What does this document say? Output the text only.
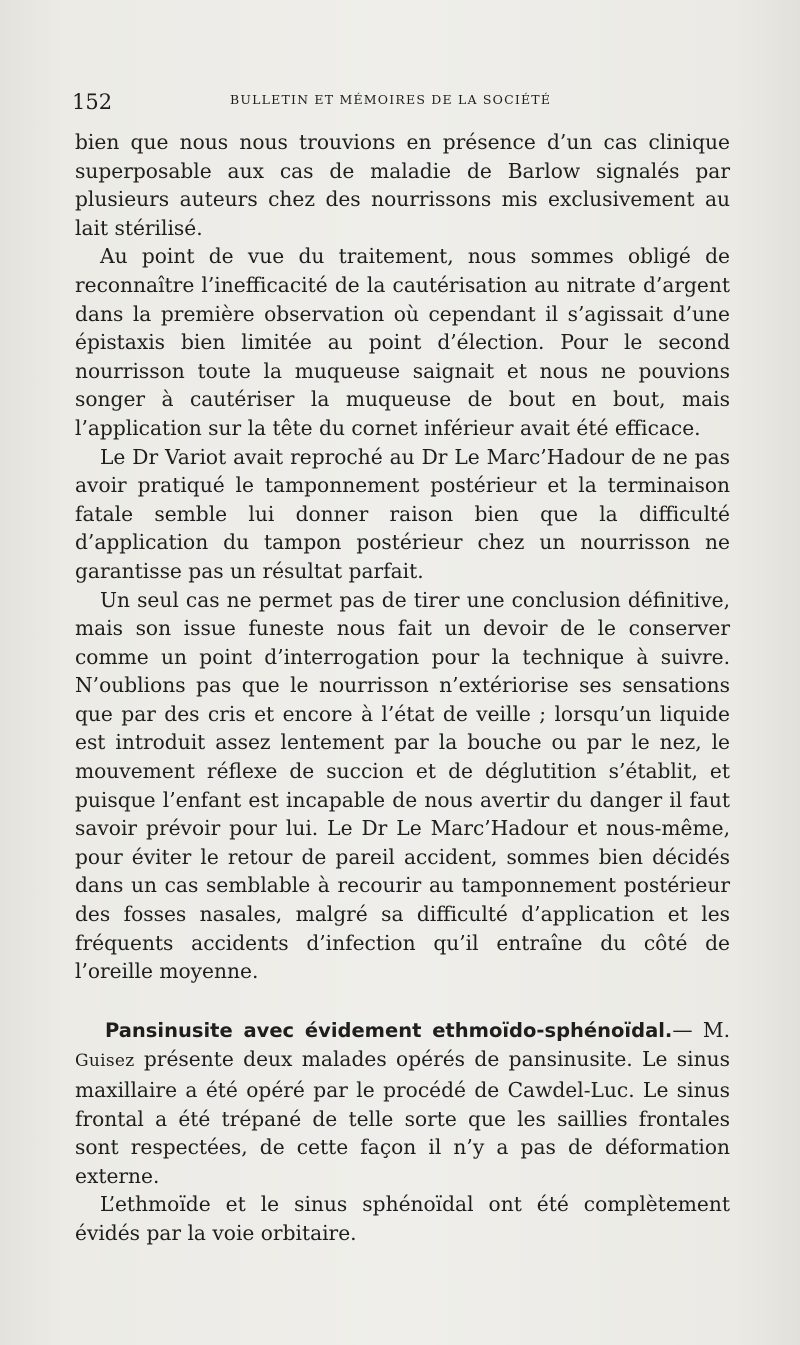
152	BULLETIN ET MÉMOIRES DE LA SOCIÉTÉ

bien que nous nous trouvions en présence d’un cas clinique superposable aux cas de maladie de Barlow signalés par plusieurs auteurs chez des nourrissons mis exclusivement au lait stérilisé.

Au point de vue du traitement, nous sommes obligé de reconnaître l’inefficacité de la cautérisation au nitrate d’argent dans la première observation où cependant il s’agissait d’une épistaxis bien limitée au point d’élection. Pour le second nourrisson toute la muqueuse saignait et nous ne pouvions songer à cautériser la muqueuse de bout en bout, mais l’application sur la tête du cornet inférieur avait été efficace.

Le Dr Variot avait reproché au Dr Le Marc’Hadour de ne pas avoir pratiqué le tamponnement postérieur et la terminaison fatale semble lui donner raison bien que la difficulté d’application du tampon postérieur chez un nourrisson ne garantisse pas un résultat parfait.

Un seul cas ne permet pas de tirer une conclusion définitive, mais son issue funeste nous fait un devoir de le conserver comme un point d’interrogation pour la technique à suivre. N’oublions pas que le nourrisson n’extériorise ses sensations que par des cris et encore à l’état de veille ; lorsqu’un liquide est introduit assez lentement par la bouche ou par le nez, le mouvement réflexe de succion et de déglutition s’établit, et puisque l’enfant est incapable de nous avertir du danger il faut savoir prévoir pour lui. Le Dr Le Marc’Hadour et nous-même, pour éviter le retour de pareil accident, sommes bien décidés dans un cas semblable à recourir au tamponnement postérieur des fosses nasales, malgré sa difficulté d’application et les fréquents accidents d’infection qu’il entraîne du côté de l’oreille moyenne.

Pansinusite avec évidement ethmoïdo-sphénoïdal.— M. Guisez présente deux malades opérés de pansinusite. Le sinus maxillaire a été opéré par le procédé de Cawdel-Luc. Le sinus frontal a été trépané de telle sorte que les saillies frontales sont respectées, de cette façon il n’y a pas de déformation externe.

L’ethmoïde et le sinus sphénoïdal ont été complètement évidés par la voie orbitaire.
